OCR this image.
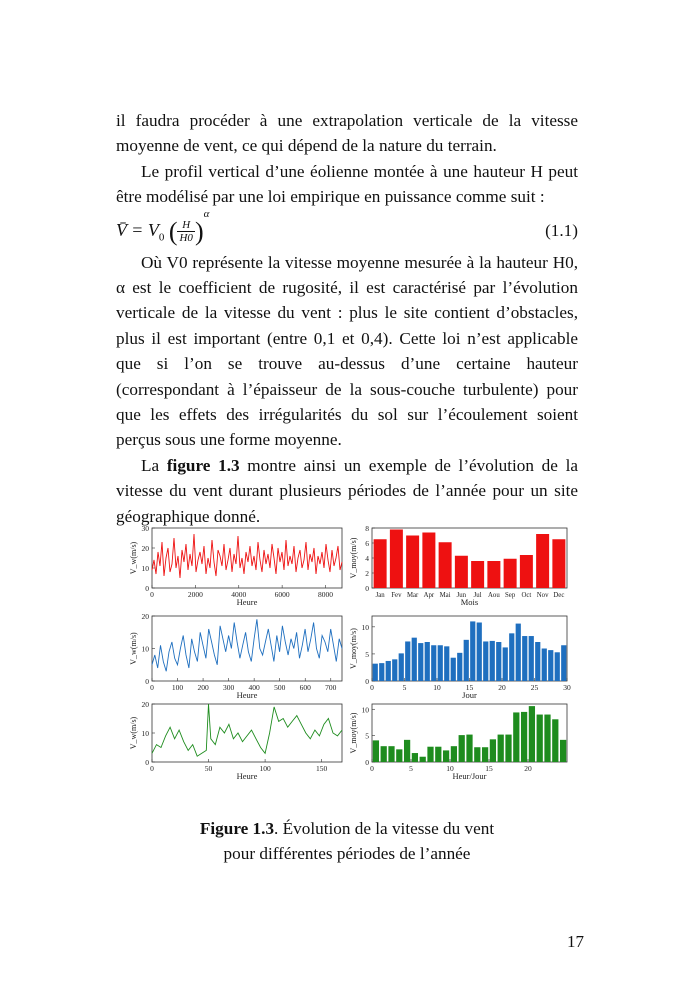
il faudra procéder à une extrapolation verticale de la vitesse moyenne de vent, ce qui dépend de la nature du terrain.

Le profil vertical d’une éolienne montée à une hauteur H peut être modélisé par une loi empirique en puissance comme suit :

V̄ = $V_0$ ( $\frac{H}{H0} )^\alpha$
(1.1)

Où V0 représente la vitesse moyenne mesurée à la hauteur H0, α est le coefficient de rugosité, il est caractérisé par l’évolution verticale de la vitesse du vent : plus le site contient d’obstacles, plus il est important (entre 0,1 et 0,4). Cette loi n’est applicable que si l’on se trouve au-dessus d’une certaine hauteur (correspondant à l’épaisseur de la sous-couche turbulente) pour que les effets des irrégularités du sol sur l’écoulement soient perçus sous une forme moyenne.

La figure 1.3 montre ainsi un exemple de l’évolution de la vitesse du vent durant plusieurs périodes de l’année pour un site géographique donné.

0
10
20
30
V_w(m/s)
Heure
0	2000	4000	6000	8000
0
2
4
6
8
V_moy(m/s)
Mois
Jan Fev Mar Apr Mai Jun Jul Aou Sep Oct Nov Dec
0
10
20
V_w(m/s)
Heure
0 100 200 300 400 500 600 700
0
5
10
V_moy(m/s)
Jour
0	5	10	15	20	25	30
0
10
20
V_w(m/s)
Heure
0	50	100	150
0
5
10
V_moy(m/s)
Heur/Jour
0	5	10	15	20
Figure 1.3. Évolution de la vitesse du vent
pour différentes périodes de l’année
17
